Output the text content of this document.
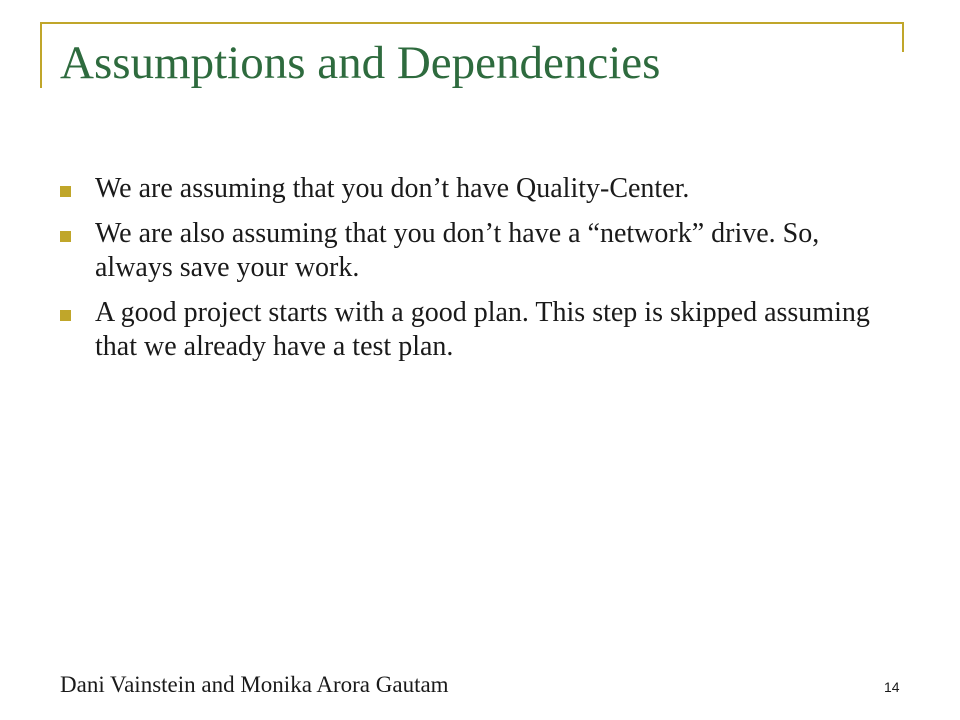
Assumptions and Dependencies
We are assuming that you don’t have Quality-Center.
We are also assuming that you don’t have a “network” drive. So, always save your work.
A good project starts with a good plan. This step is skipped assuming that we already have a test plan.
Dani Vainstein and Monika Arora Gautam	14
